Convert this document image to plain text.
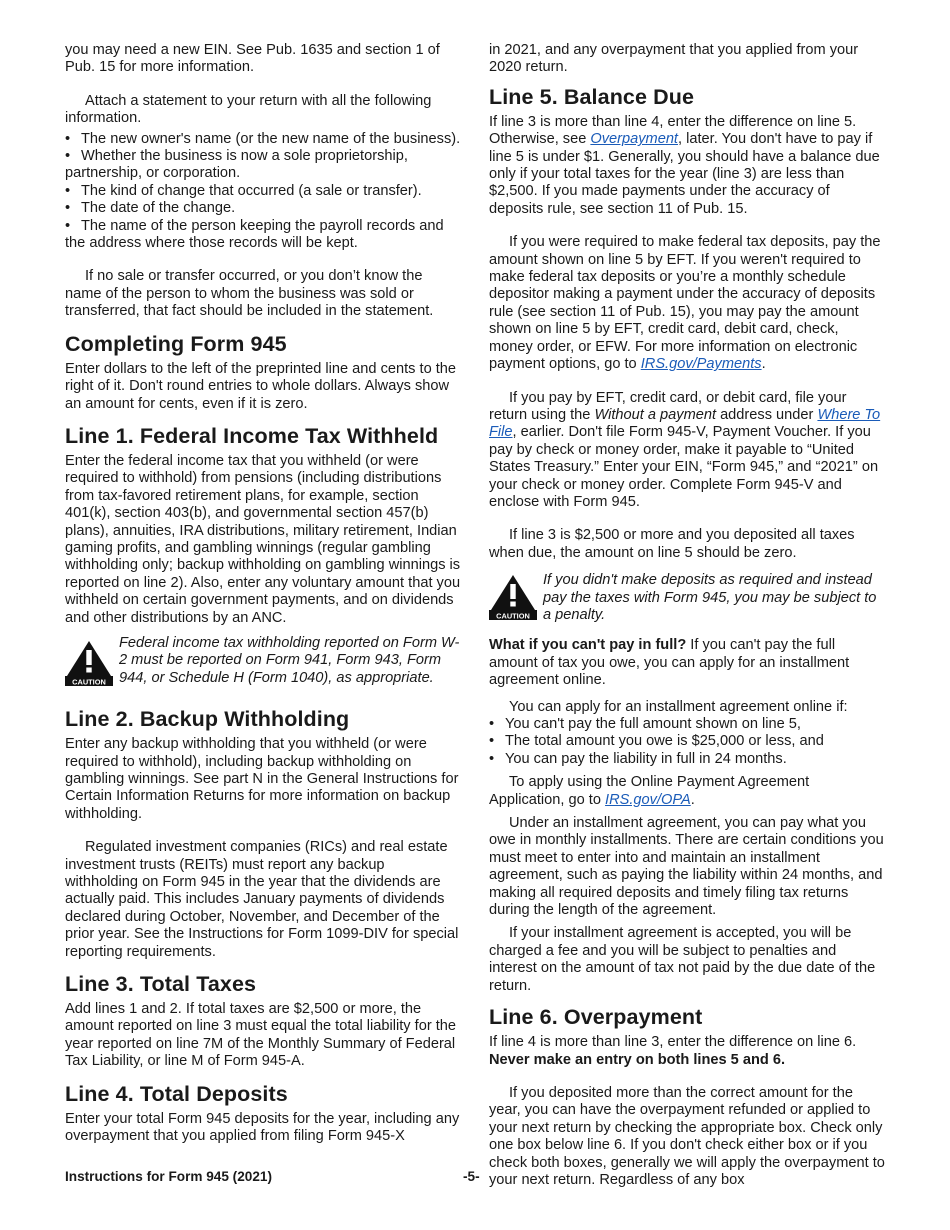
you may need a new EIN. See Pub. 1635 and section 1 of Pub. 15 for more information.

Attach a statement to your return with all the following information.

• The new owner's name (or the new name of the business).
• Whether the business is now a sole proprietorship, partnership, or corporation.
• The kind of change that occurred (a sale or transfer).
• The date of the change.
• The name of the person keeping the payroll records and the address where those records will be kept.

If no sale or transfer occurred, or you don’t know the name of the person to whom the business was sold or transferred, that fact should be included in the statement.

Completing Form 945

Enter dollars to the left of the preprinted line and cents to the right of it. Don't round entries to whole dollars. Always show an amount for cents, even if it is zero.

Line 1. Federal Income Tax Withheld

Enter the federal income tax that you withheld (or were required to withhold) from pensions (including distributions from tax-favored retirement plans, for example, section 401(k), section 403(b), and governmental section 457(b) plans), annuities, IRA distributions, military retirement, Indian gaming profits, and gambling winnings (regular gambling withholding only; backup withholding on gambling winnings is reported on line 2). Also, enter any voluntary amount that you withheld on certain government payments, and on dividends and other distributions by an ANC.

CAUTION
Federal income tax withholding reported on Form W-2 must be reported on Form 941, Form 943, Form 944, or Schedule H (Form 1040), as appropriate.
Line 2. Backup Withholding

Enter any backup withholding that you withheld (or were required to withhold), including backup withholding on gambling winnings. See part N in the General Instructions for Certain Information Returns for more information on backup withholding.

Regulated investment companies (RICs) and real estate investment trusts (REITs) must report any backup withholding on Form 945 in the year that the dividends are actually paid. This includes January payments of dividends declared during October, November, and December of the prior year. See the Instructions for Form 1099-DIV for special reporting requirements.

Line 3. Total Taxes

Add lines 1 and 2. If total taxes are $2,500 or more, the amount reported on line 3 must equal the total liability for the year reported on line 7M of the Monthly Summary of Federal Tax Liability, or line M of Form 945-A.

Line 4. Total Deposits

Enter your total Form 945 deposits for the year, including any overpayment that you applied from filing Form 945-X

in 2021, and any overpayment that you applied from your 2020 return.

Line 5. Balance Due

If line 3 is more than line 4, enter the difference on line 5. Otherwise, see Overpayment, later. You don't have to pay if line 5 is under $1. Generally, you should have a balance due only if your total taxes for the year (line 3) are less than $2,500. If you made payments under the accuracy of deposits rule, see section 11 of Pub. 15.

If you were required to make federal tax deposits, pay the amount shown on line 5 by EFT. If you weren't required to make federal tax deposits or you’re a monthly schedule depositor making a payment under the accuracy of deposits rule (see section 11 of Pub. 15), you may pay the amount shown on line 5 by EFT, credit card, debit card, check, money order, or EFW. For more information on electronic payment options, go to IRS.gov/Payments.

If you pay by EFT, credit card, or debit card, file your return using the Without a payment address under Where To File, earlier. Don't file Form 945-V, Payment Voucher. If you pay by check or money order, make it payable to “United States Treasury.” Enter your EIN, “Form 945,” and “2021” on your check or money order. Complete Form 945-V and enclose with Form 945.

If line 3 is $2,500 or more and you deposited all taxes when due, the amount on line 5 should be zero.

CAUTION
If you didn't make deposits as required and instead pay the taxes with Form 945, you may be subject to a penalty.

What if you can't pay in full? If you can't pay the full amount of tax you owe, you can apply for an installment agreement online.

You can apply for an installment agreement online if:

• You can't pay the full amount shown on line 5,
• The total amount you owe is $25,000 or less, and
• You can pay the liability in full in 24 months.

To apply using the Online Payment Agreement Application, go to IRS.gov/OPA.

Under an installment agreement, you can pay what you owe in monthly installments. There are certain conditions you must meet to enter into and maintain an installment agreement, such as paying the liability within 24 months, and making all required deposits and timely filing tax returns during the length of the agreement.

If your installment agreement is accepted, you will be charged a fee and you will be subject to penalties and interest on the amount of tax not paid by the due date of the return.

Line 6. Overpayment

If line 4 is more than line 3, enter the difference on line 6. Never make an entry on both lines 5 and 6.

If you deposited more than the correct amount for the year, you can have the overpayment refunded or applied to your next return by checking the appropriate box. Check only one box below line 6. If you don't check either box or if you check both boxes, generally we will apply the overpayment to your next return. Regardless of any box

Instructions for Form 945 (2021)	-5-
